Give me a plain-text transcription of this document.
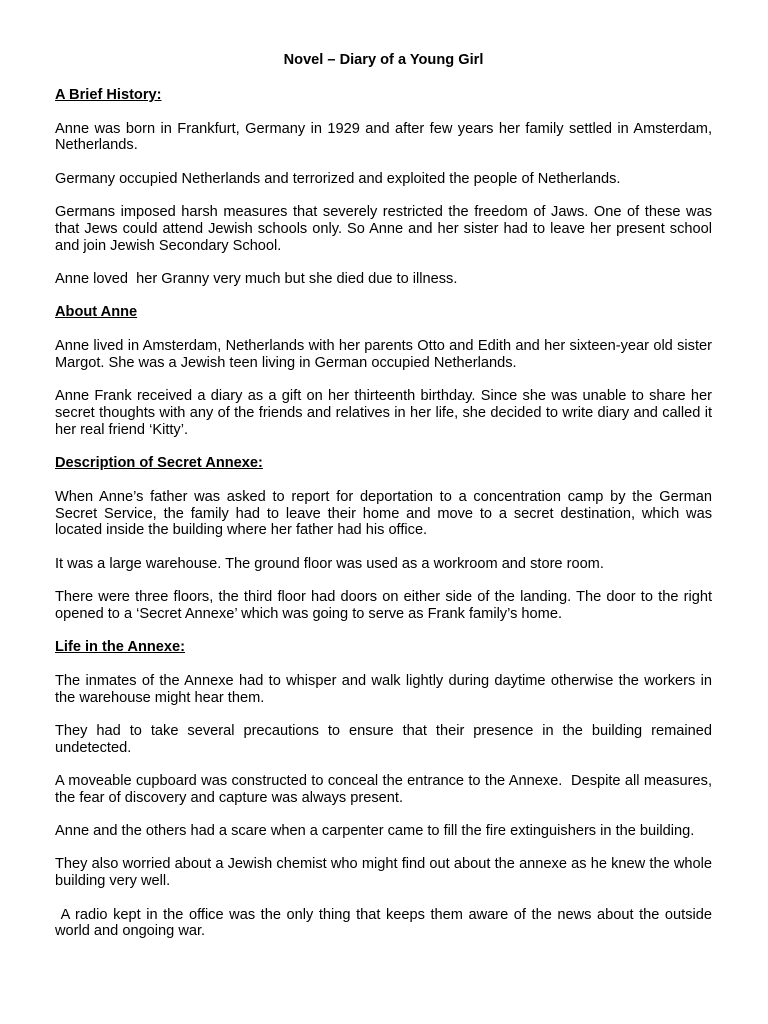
Novel – Diary of a Young Girl
A Brief History:
Anne was born in Frankfurt, Germany in 1929 and after few years her family settled in Amsterdam, Netherlands.
Germany occupied Netherlands and terrorized and exploited the people of Netherlands.
Germans imposed harsh measures that severely restricted the freedom of Jaws. One of these was that Jews could attend Jewish schools only. So Anne and her sister had to leave her present school and join Jewish Secondary School.
Anne loved  her Granny very much but she died due to illness.
About Anne
Anne lived in Amsterdam, Netherlands with her parents Otto and Edith and her sixteen-year old sister Margot. She was a Jewish teen living in German occupied Netherlands.
Anne Frank received a diary as a gift on her thirteenth birthday. Since she was unable to share her secret thoughts with any of the friends and relatives in her life, she decided to write diary and called it her real friend ‘Kitty’.
Description of Secret Annexe:
When Anne’s father was asked to report for deportation to a concentration camp by the German Secret Service, the family had to leave their home and move to a secret destination, which was located inside the building where her father had his office.
It was a large warehouse. The ground floor was used as a workroom and store room.
There were three floors, the third floor had doors on either side of the landing. The door to the right opened to a ‘Secret Annexe’ which was going to serve as Frank family’s home.
Life in the Annexe:
The inmates of the Annexe had to whisper and walk lightly during daytime otherwise the workers in the warehouse might hear them.
They had to take several precautions to ensure that their presence in the building remained undetected.
A moveable cupboard was constructed to conceal the entrance to the Annexe.  Despite all measures, the fear of discovery and capture was always present.
Anne and the others had a scare when a carpenter came to fill the fire extinguishers in the building.
They also worried about a Jewish chemist who might find out about the annexe as he knew the whole building very well.
A radio kept in the office was the only thing that keeps them aware of the news about the outside world and ongoing war.
